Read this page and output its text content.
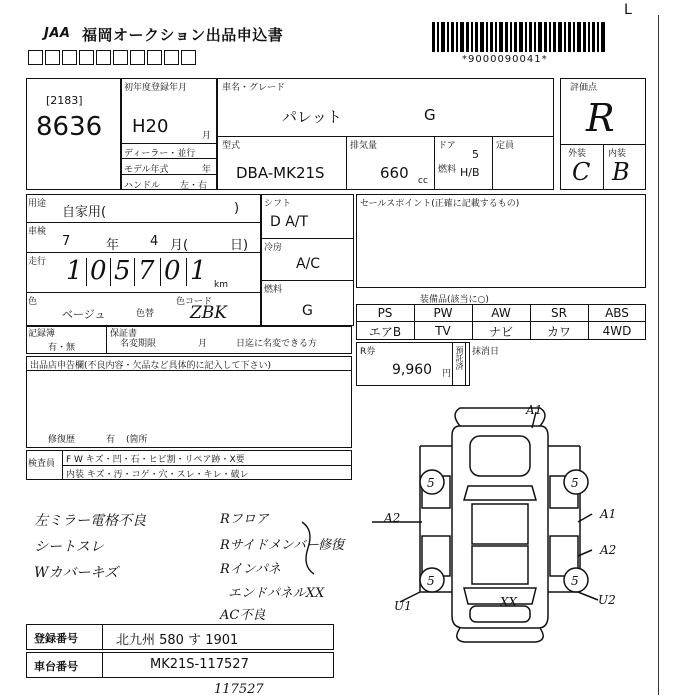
JAA 福岡オークション出品申込書
L
*9000090041*
[2183]
8636
初年度登録年月
H20	月
ディーラー・並行
モデル年式	年
ハンドル 左・右
車名・グレード
パレット	G
型式
DBA-MK21S
排気量
660 cc
ドア
5
燃料 H/B
定員
評価点
R
外装 内装
C B
用途
自家用(	)
車検
7	年 4 月(	日)
走行 1 0 5 7 0 1 km
色
ベージュ	色替
色コード
ZBK
シフト
D A/T
冷房
A/C
燃料
G
セールスポイント(正確に記載するもの)
装備品(該当に○)
PS	PW	AW	SR	ABS
エアB	TV	ナビ	カワ	4WD
R券
9,960 円
預託済 抹消日
記録簿
有・無
保証書
名変期限	月	日迄に名変できる方
出品店申告欄(不良内容・欠品など具体的に記入して下さい)
修復歴	有 (箇所
検査員 F W キズ・凹・石・ヒビ割・リペア跡・X要
内装 キズ・汚・コゲ・穴・スレ・キレ・破レ
左ミラー電格不良
シートスレ
Wカバーキズ
Rフロア
Rサイドメンバー
Rインパネ
エンドパネルXX
AC不良
修復
5	5
5	5
A1
A2	A1
A2
U1	XX	U2
登録番号	北九州 580 す 1901
車台番号	MK21S-117527
117527
